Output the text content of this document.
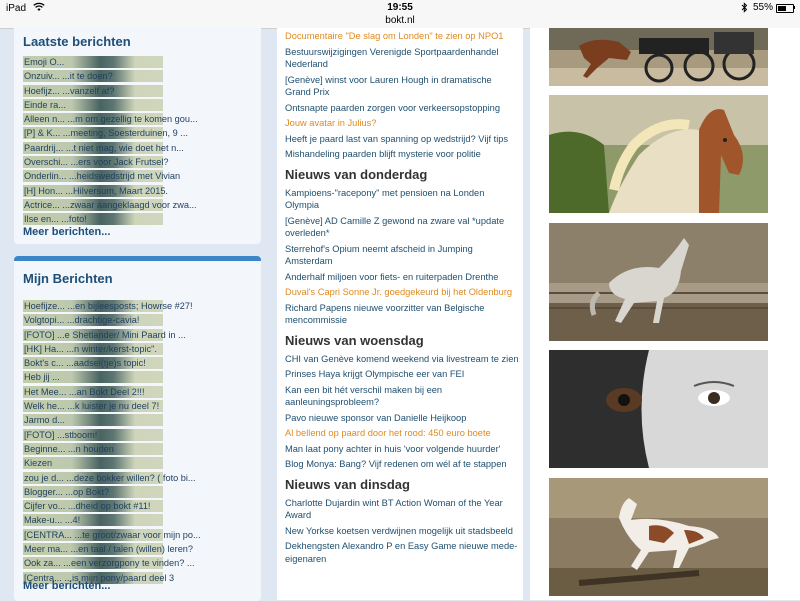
iPad	19:55
bokt.nl
55%
Laatste berichten
Emoji O...
Onzuiv... ...it te doen?
Hoefijz... ...vanzelf af?
Einde ra...
Alleen n... ...m om gezellig te komen gou...
[P] & K... ...meeting, Soesterduinen, 9 ...
Paardrij... ...t niet mag, wie doet het n...
Overschi... ...ers voor Jack Frutsel?
Onderlin... ...heidswedstrijd met Vivian
[H] Hon... ...Hilversum, Maart 2015.
Actrice... ...zwaar aangeklaagd voor zwa...
Ilse en... ...foto!
Meer berichten...
Mijn Berichten
Hoefijze... ...en bijleesposts; Howrse #27!
Volgtopi... ...drachtige-cavia!
[FOTO] ...e Shetlander/ Mini Paard in ...
[HK] Ha... ...n winter/kerst-topic".
Bokt's c... ...aadsel(tje)s topic!
Heb jij ...
Het Mee... ...an Bokt Deel 2!!!
Welk he... ...k luister je nu deel 7!
Jarmo d...
[FOTO] ...stboom!
Beginne... ...n houden
Kiezen
zou je d... ...deze bokker willen? ( foto bi...
Blogger... ...op Bokt?
Cijfer vo... ...dheid op bokt #11!
Make-u... ...4!
[CENTRA... ...te groot/zwaar voor mijn po...
Meer ma... ...en taal / talen (willen) leren?
Ook za... ...een verzorgpony te vinden? ...
[Centra... ...is mijn pony/paard deel 3
Meer berichten...
Documentaire "De slag om Londen" te zien op NPO1
Bestuurswijzigingen Verenigde Sportpaardenhandel Nederland
[Genève] winst voor Lauren Hough in dramatische Grand Prix
Ontsnapte paarden zorgen voor verkeersopstopping
Jouw avatar in Julius?
Heeft je paard last van spanning op wedstrijd? Vijf tips
Mishandeling paarden blijft mysterie voor politie
Nieuws van donderdag
Kampioens-"racepony" met pensioen na Londen Olympia
[Genève] AD Camille Z gewond na zware val *update overleden*
Sterrehof's Opium neemt afscheid in Jumping Amsterdam
Anderhalf miljoen voor fiets- en ruiterpaden Drenthe
Duval's Capri Sonne Jr. goedgekeurd bij het Oldenburg
Richard Papens nieuwe voorzitter van Belgische mencommissie
Nieuws van woensdag
CHI van Genève komend weekend via livestream te zien
Prinses Haya krijgt Olympische eer van FEI
Kan een bit hét verschil maken bij een aanleuningsprobleem?
Pavo nieuwe sponsor van Danielle Heijkoop
Al bellend op paard door het rood: 450 euro boete
Man laat pony achter in huis 'voor volgende huurder'
Blog Monya: Bang? Vijf redenen om wél af te stappen
Nieuws van dinsdag
Charlotte Dujardin wint BT Action Woman of the Year Award
New Yorkse koetsen verdwijnen mogelijk uit stadsbeeld
Dekhengsten Alexandro P en Easy Game nieuwe mede-eigenaren
